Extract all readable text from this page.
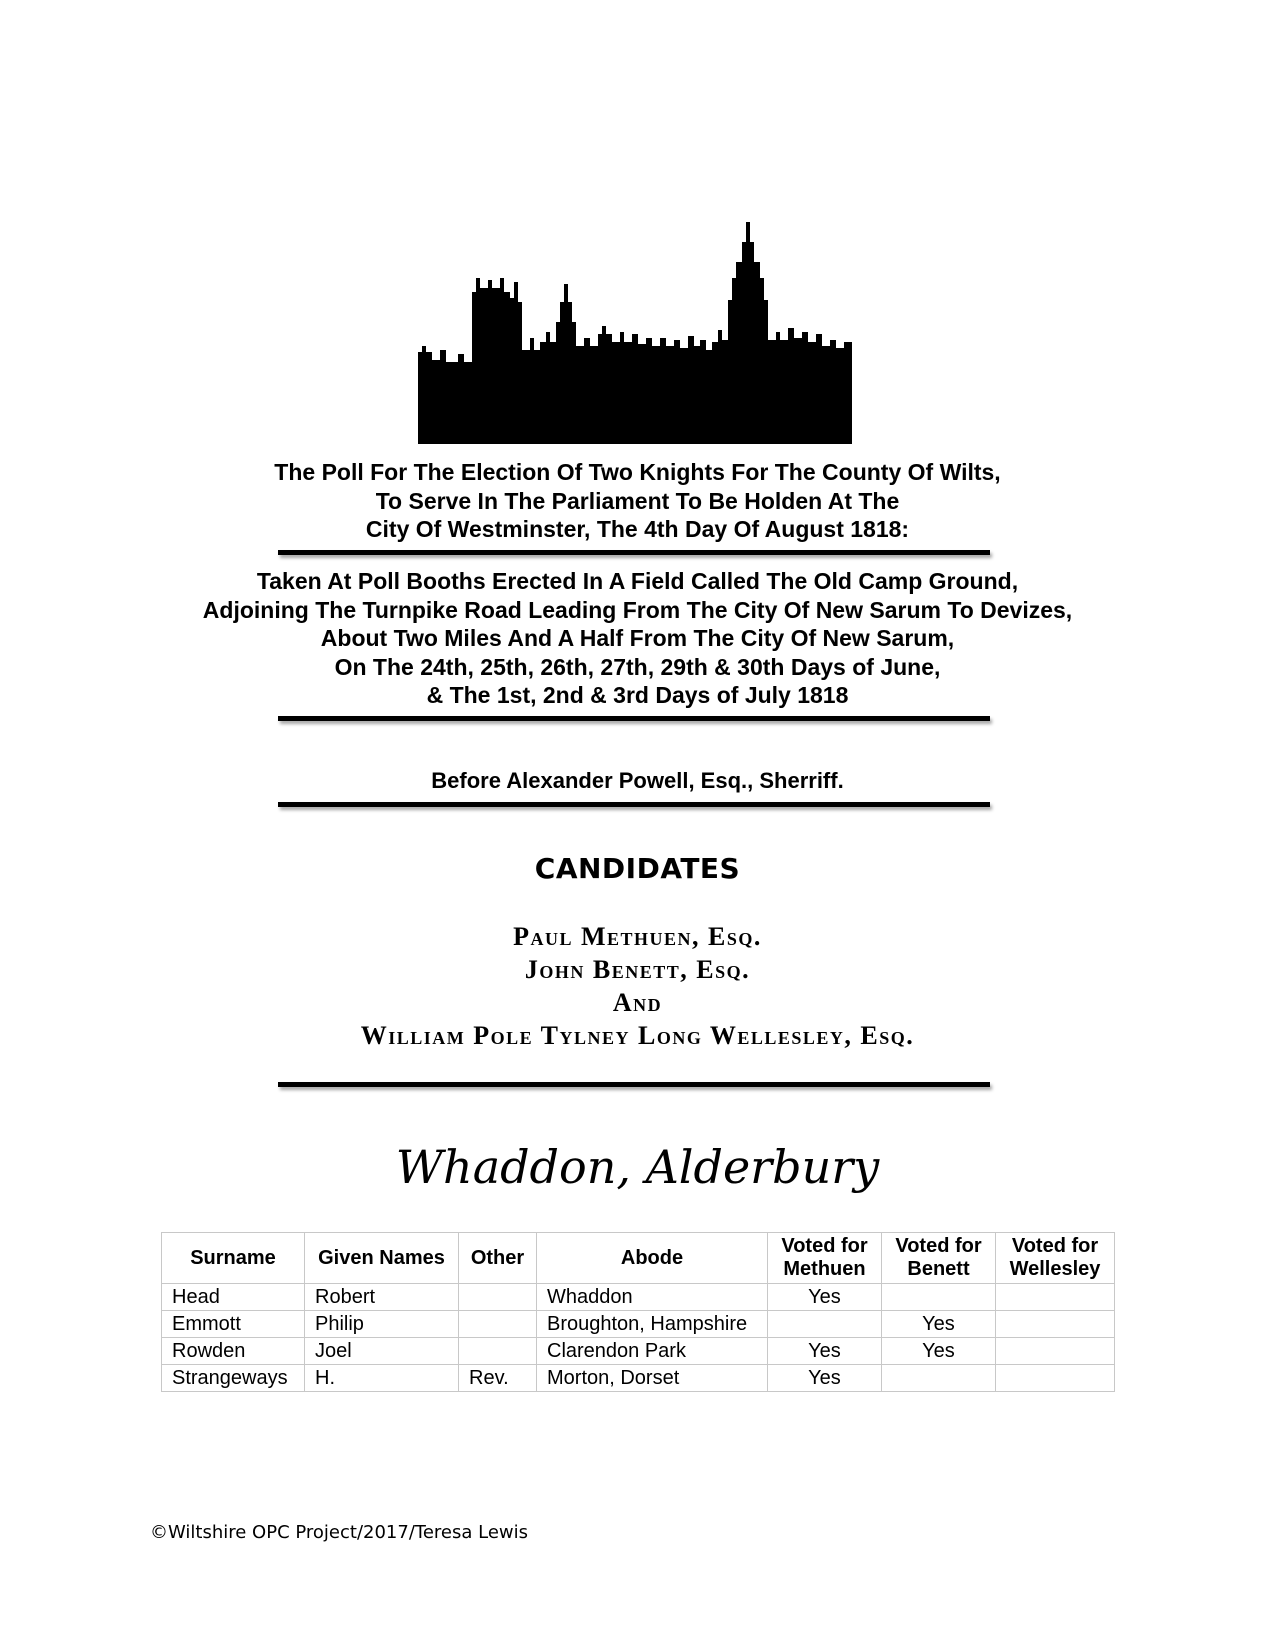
The Poll For The Election Of Two Knights For The County Of Wilts,
To Serve In The Parliament To Be Holden At The
City Of Westminster, The 4th Day Of August 1818:
Taken At Poll Booths Erected In A Field Called The Old Camp Ground,
Adjoining The Turnpike Road Leading From The City Of New Sarum To Devizes,
About Two Miles And A Half From The City Of New Sarum,
On The 24th, 25th, 26th, 27th, 29th & 30th Days of June,
& The 1st, 2nd & 3rd Days of July 1818
Before Alexander Powell, Esq., Sherriff.
CANDIDATES
Paul Methuen, Esq.
John Benett, Esq.
And
William Pole Tylney Long Wellesley, Esq.
Whaddon, Alderbury
Surname	Given Names	Other	Abode	Voted for Methuen	Voted for Benett	Voted for Wellesley
Head	Robert		Whaddon	Yes		
Emmott	Philip		Broughton, Hampshire		Yes	
Rowden	Joel		Clarendon Park	Yes	Yes	
Strangeways	H.	Rev.	Morton, Dorset	Yes		
©Wiltshire OPC Project/2017/Teresa Lewis
